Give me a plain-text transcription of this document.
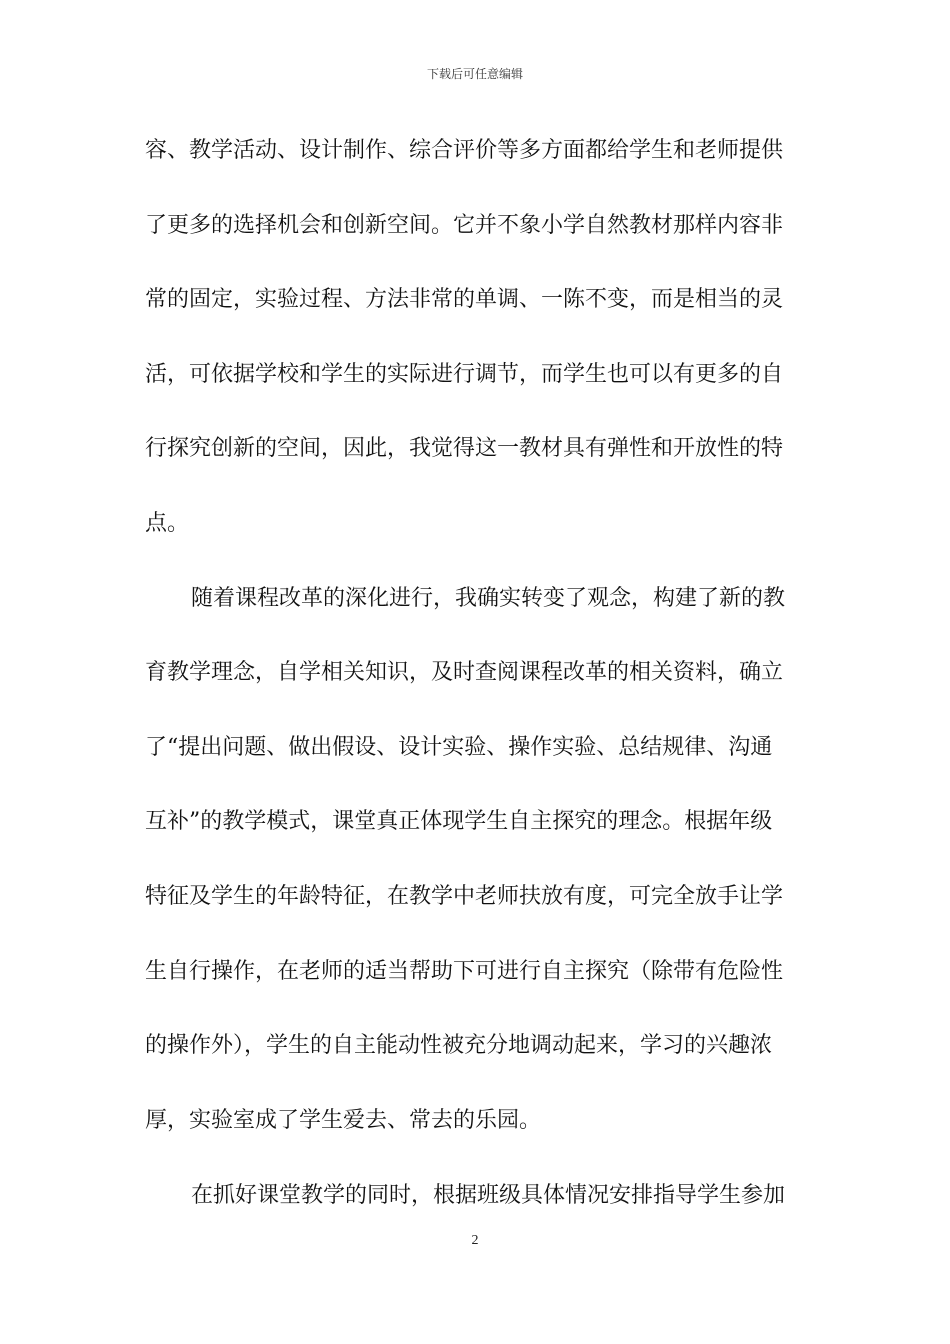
下载后可任意编辑
容、教学活动、设计制作、综合评价等多方面都给学生和老师提供
了更多的选择机会和创新空间。它并不象小学自然教材那样内容非
常的固定，实验过程、方法非常的单调、一陈不变，而是相当的灵
活，可依据学校和学生的实际进行调节，而学生也可以有更多的自
行探究创新的空间，因此，我觉得这一教材具有弹性和开放性的特
点。
随着课程改革的深化进行，我确实转变了观念，构建了新的教
育教学理念，自学相关知识，及时查阅课程改革的相关资料，确立
了“提出问题、做出假设、设计实验、操作实验、总结规律、沟通
互补”的教学模式，课堂真正体现学生自主探究的理念。根据年级
特征及学生的年龄特征，在教学中老师扶放有度，可完全放手让学
生自行操作，在老师的适当帮助下可进行自主探究（除带有危险性
的操作外），学生的自主能动性被充分地调动起来，学习的兴趣浓
厚，实验室成了学生爱去、常去的乐园。
在抓好课堂教学的同时，根据班级具体情况安排指导学生参加
2
